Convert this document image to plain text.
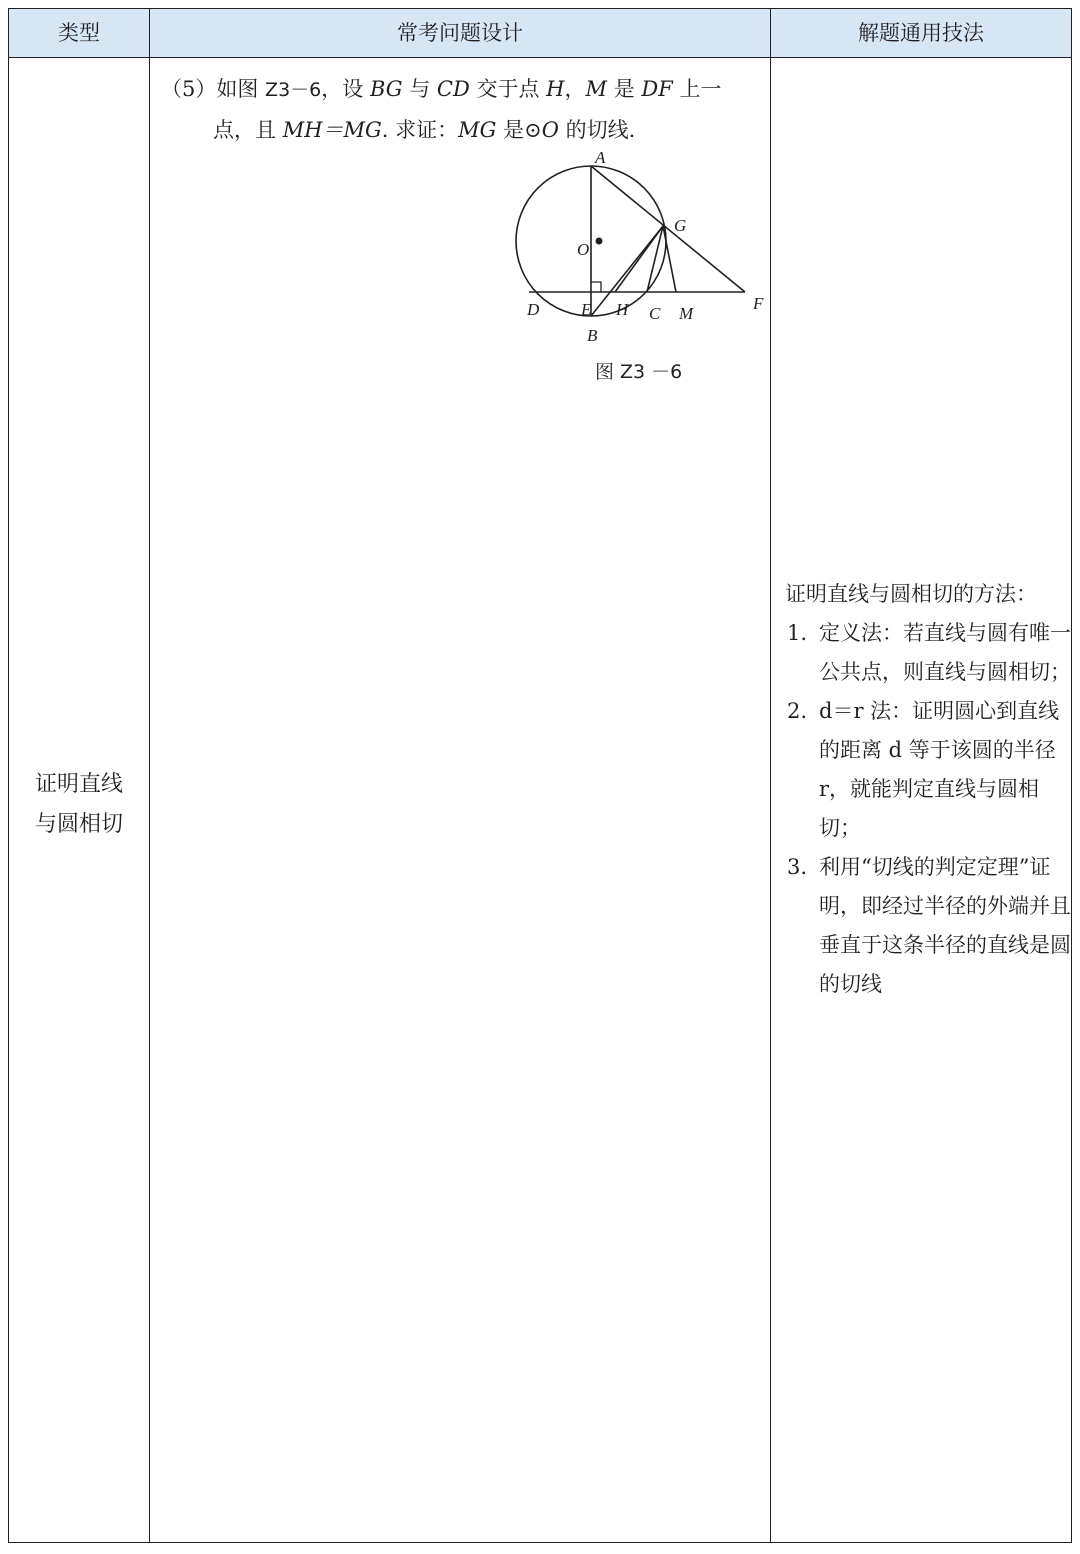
类型	常考问题设计	解题通用技法
证明直线
与圆相切
（5）如图 Z3－6，设 BG 与 CD 交于点 H，M 是 DF 上一
点，且 MH＝MG. 求证：MG 是⊙O 的切线.
A
B
O
G
D E H C M
F
图 Z3 －6
证明直线与圆相切的方法：
1. 定义法：若直线与圆有唯一公共点，则直线与圆相切；
2. d＝r 法：证明圆心到直线的距离 d 等于该圆的半径 r，就能判定直线与圆相切；
3. 利用“切线的判定定理”证明，即经过半径的外端并且垂直于这条半径的直线是圆的切线
